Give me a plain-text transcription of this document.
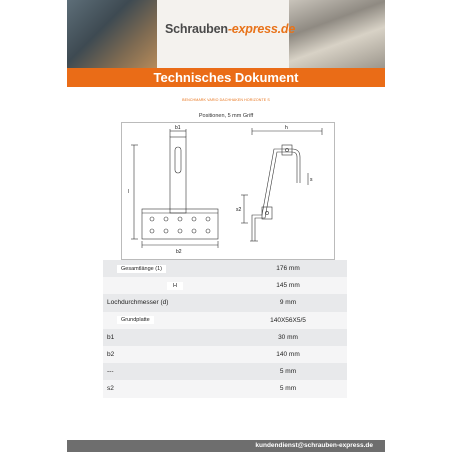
Schrauben-express.de
Technisches Dokument
BENCHMARK VARIO DACHHAKEN HORIZONTE S
Positionen, 5 mm Griff
b1
l
b2
s2
h
s
Gesamtlänge (1)	176 mm
H	145 mm
Lochdurchmesser (d)	9 mm
Grundplatte	140X56X5/5
b1	30 mm
b2	140 mm
---	5 mm
s2	5 mm
kundendienst@schrauben-express.de
